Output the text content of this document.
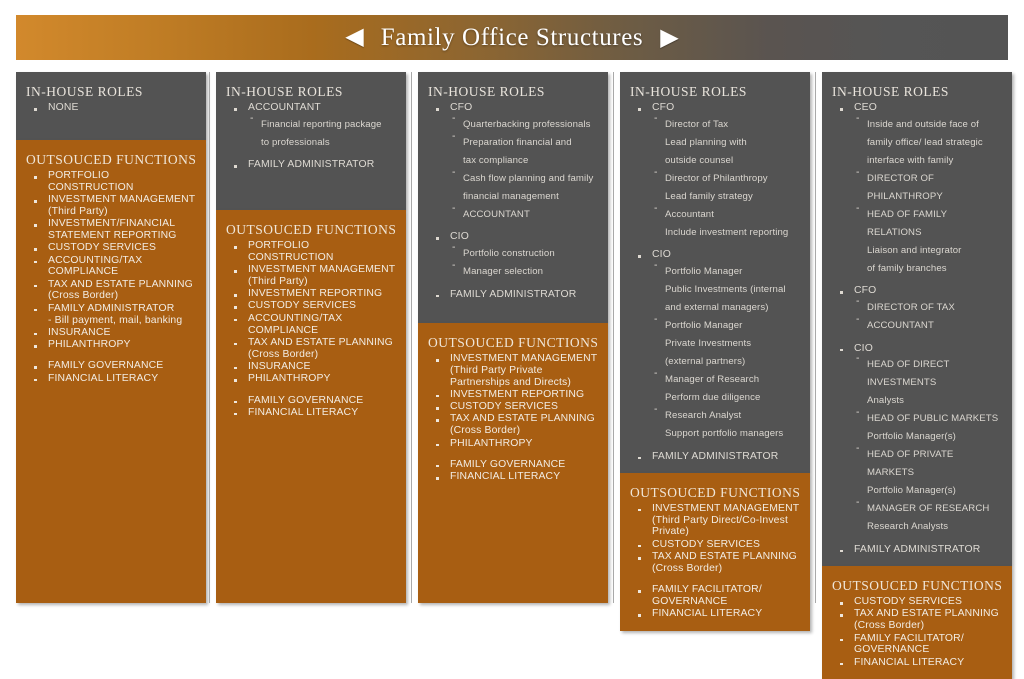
◀ Family Office Structures ▶
IN-HOUSE ROLES
NONE
OUTSOUCED FUNCTIONS
PORTFOLIO CONSTRUCTION
INVESTMENT MANAGEMENT
(Third Party)
INVESTMENT/FINANCIAL
STATEMENT REPORTING
CUSTODY SERVICES
ACCOUNTING/TAX
COMPLIANCE
TAX AND ESTATE PLANNING
(Cross Border)
FAMILY ADMINISTRATOR
- Bill payment, mail, banking
INSURANCE
PHILANTHROPY
FAMILY GOVERNANCE
FINANCIAL LITERACY
IN-HOUSE ROLES
ACCOUNTANT
- Financial reporting package
to professionals
FAMILY ADMINISTRATOR
OUTSOUCED FUNCTIONS
PORTFOLIO CONSTRUCTION
INVESTMENT MANAGEMENT
(Third Party)
INVESTMENT REPORTING
CUSTODY SERVICES
ACCOUNTING/TAX
COMPLIANCE
TAX AND ESTATE PLANNING
(Cross Border)
INSURANCE
PHILANTHROPY
FAMILY GOVERNANCE
FINANCIAL LITERACY
IN-HOUSE ROLES
CFO
- Quarterbacking professionals
- Preparation financial and
tax compliance
- Cash flow planning and family
financial management
- ACCOUNTANT
CIO
- Portfolio construction
- Manager selection
FAMILY ADMINISTRATOR
OUTSOUCED FUNCTIONS
INVESTMENT MANAGEMENT
(Third Party Private
Partnerships and Directs)
INVESTMENT REPORTING
CUSTODY SERVICES
TAX AND ESTATE PLANNING
(Cross Border)
PHILANTHROPY
FAMILY GOVERNANCE
FINANCIAL LITERACY
IN-HOUSE ROLES
CFO
- Director of Tax
Lead planning with
outside counsel
- Director of Philanthropy
Lead family strategy
- Accountant
Include investment reporting
CIO
- Portfolio Manager
Public Investments (internal
and external managers)
- Portfolio Manager
Private Investments
(external partners)
- Manager of Research
Perform due diligence
- Research Analyst
Support portfolio managers
FAMILY ADMINISTRATOR
OUTSOUCED FUNCTIONS
INVESTMENT MANAGEMENT
(Third Party Direct/Co-Invest
Private)
CUSTODY SERVICES
TAX AND ESTATE PLANNING
(Cross Border)
FAMILY FACILITATOR/
GOVERNANCE
FINANCIAL LITERACY
IN-HOUSE ROLES
CEO
- Inside and outside face of
family office/ lead strategic
interface with family
- DIRECTOR OF
PHILANTHROPY
- HEAD OF FAMILY RELATIONS
Liaison and integrator
of family branches
CFO
- DIRECTOR OF TAX
- ACCOUNTANT
CIO
- HEAD OF DIRECT
INVESTMENTS
Analysts
- HEAD OF PUBLIC MARKETS
Portfolio Manager(s)
- HEAD OF PRIVATE MARKETS
Portfolio Manager(s)
- MANAGER OF RESEARCH
Research Analysts
FAMILY ADMINISTRATOR
OUTSOUCED FUNCTIONS
CUSTODY SERVICES
TAX AND ESTATE PLANNING
(Cross Border)
FAMILY FACILITATOR/
GOVERNANCE
FINANCIAL LITERACY
